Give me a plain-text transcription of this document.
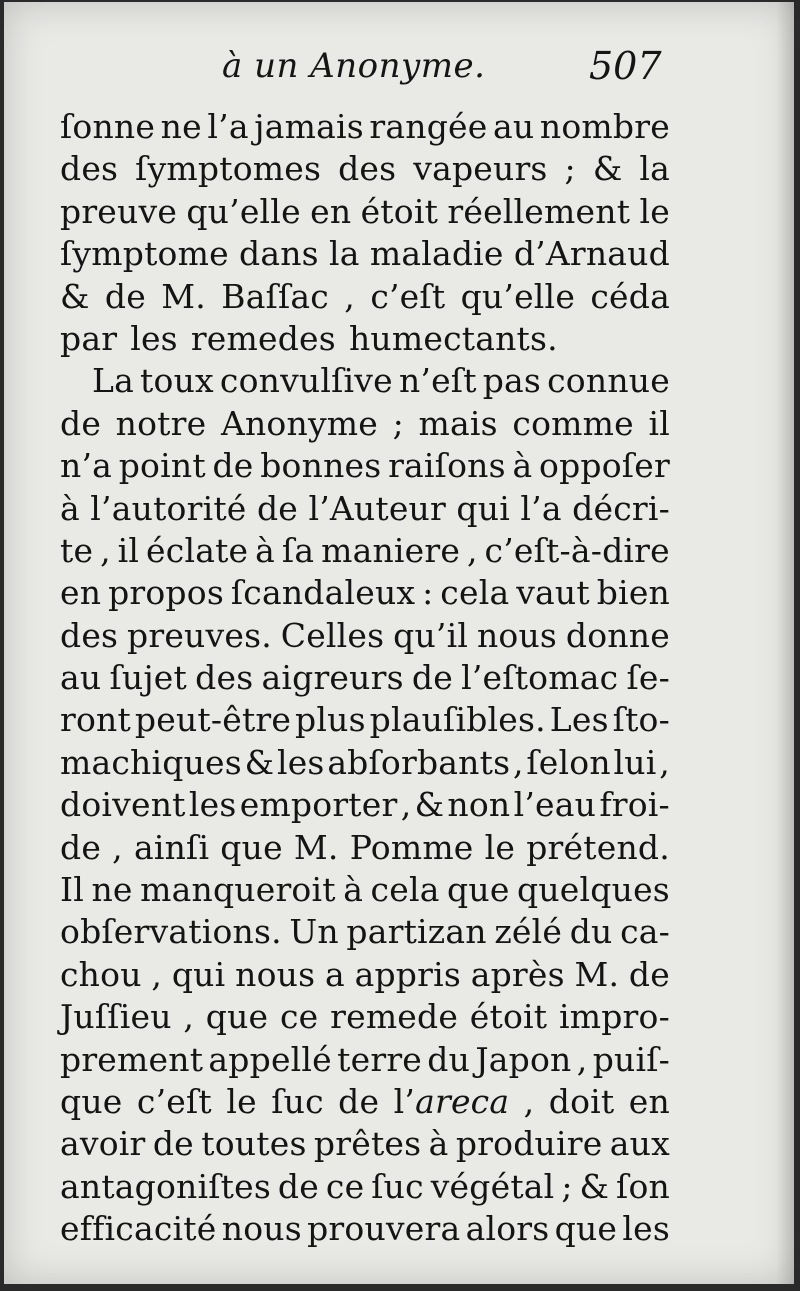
à un Anonyme.	507
ſonne ne l’a jamais rangée au nombre
des ſymptomes des vapeurs ; & la
preuve qu’elle en étoit réellement le
ſymptome dans la maladie d’Arnaud
& de M. Baſſac , c’eſt qu’elle céda
par les remedes humectants.
La toux convulſive n’eſt pas connue
de notre Anonyme ; mais comme il
n’a point de bonnes raiſons à oppoſer
à l’autorité de l’Auteur qui l’a décri-
te , il éclate à ſa maniere , c’eſt-à-dire
en propos ſcandaleux : cela vaut bien
des preuves. Celles qu’il nous donne
au ſujet des aigreurs de l’eſtomac ſe-
ront peut-être plus plauſibles. Les ſto-
machiques & les abſorbants , ſelon lui ,
doivent les emporter , & non l’eau froi-
de , ainſi que M. Pomme le prétend.
Il ne manqueroit à cela que quelques
obſervations. Un partizan zélé du ca-
chou , qui nous a appris après M. de
Juſſieu , que ce remede étoit impro-
prement appellé terre du Japon , puiſ-
que c’eſt le ſuc de l’areca , doit en
avoir de toutes prêtes à produire aux
antagoniſtes de ce ſuc végétal ; & ſon
efficacité nous prouvera alors que les
